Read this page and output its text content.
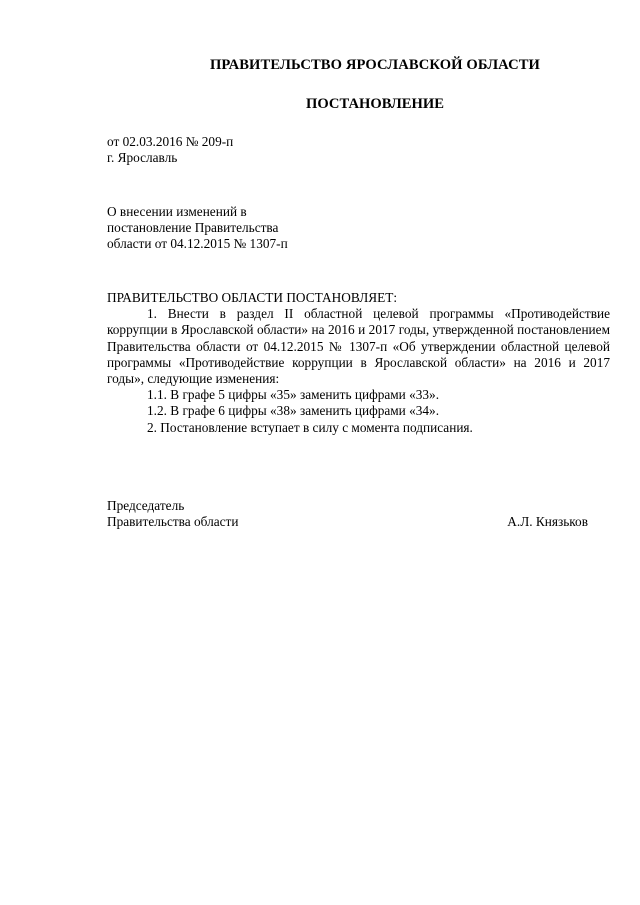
ПРАВИТЕЛЬСТВО ЯРОСЛАВСКОЙ ОБЛАСТИ
ПОСТАНОВЛЕНИЕ
от 02.03.2016 № 209-п
г. Ярославль
О внесении изменений в
постановление Правительства
области от 04.12.2015 № 1307-п

ПРАВИТЕЛЬСТВО ОБЛАСТИ ПОСТАНОВЛЯЕТ:

1. Внести в раздел II областной целевой программы «Противодействие коррупции в Ярославской области» на 2016 и 2017 годы, утвержденной постановлением Правительства области от 04.12.2015 № 1307-п «Об утверждении областной целевой программы «Противодействие коррупции в Ярославской области» на 2016 и 2017 годы», следующие изменения:

1.1. В графе 5 цифры «35» заменить цифрами «33».

1.2. В графе 6 цифры «38» заменить цифрами «34».

2. Постановление вступает в силу с момента подписания.

Председатель
Правительства области	А.Л. Князьков
